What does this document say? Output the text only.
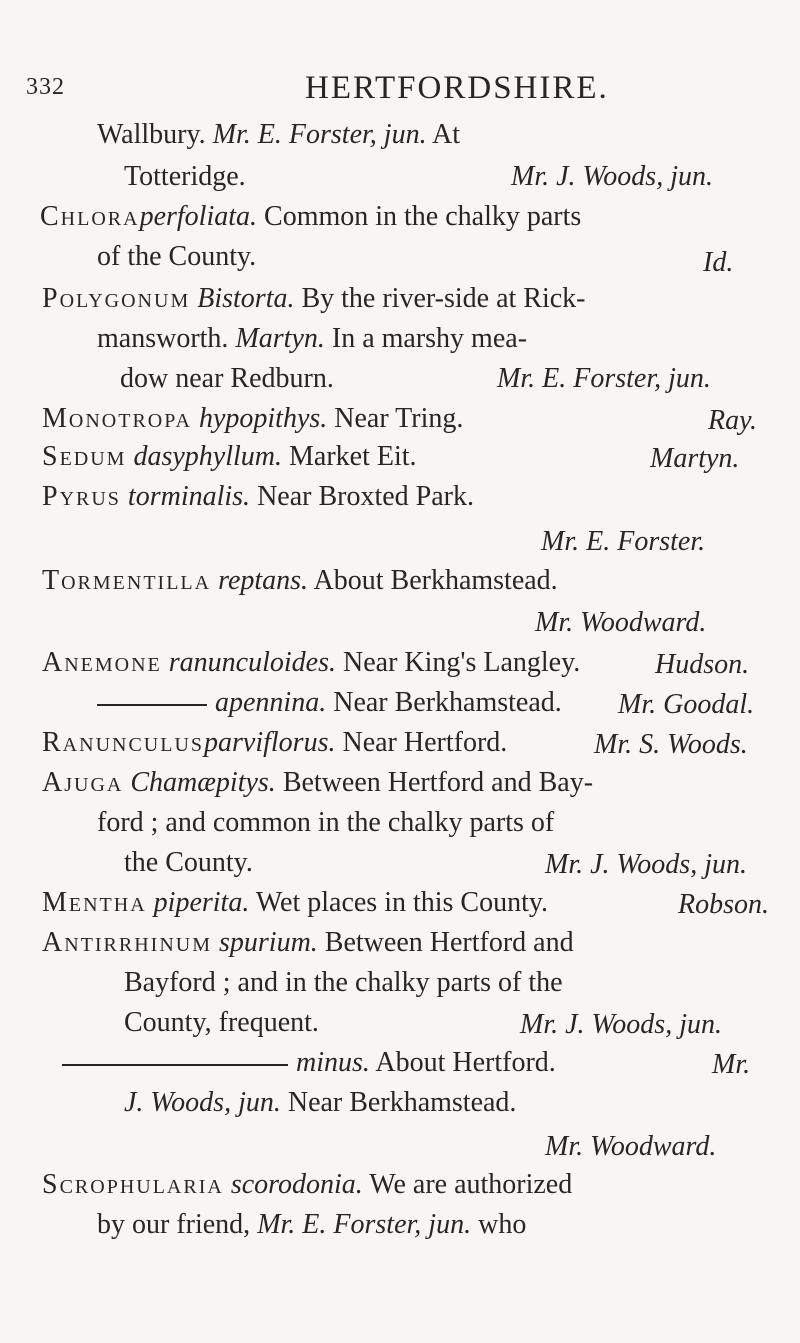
332	HERTFORDSHIRE.
Wallbury. Mr. E. Forster, jun. At
Totteridge.	Mr. J. Woods, jun.
Chloraperfoliata. Common in the chalky parts
of the County.	Id.
Polygonum Bistorta. By the river-side at Rick-
mansworth. Martyn. In a marshy mea-
dow near Redburn.	Mr. E. Forster, jun.
Monotropa hypopithys. Near Tring.	Ray.
Sedum dasyphyllum. Market Eit.	Martyn.
Pyrus torminalis. Near Broxted Park.
Mr. E. Forster.
Tormentilla reptans. About Berkhamstead.
Mr. Woodward.
Anemone ranunculoides. Near King's Langley.	Hudson.
apennina. Near Berkhamstead. Mr. Goodal.
Ranunculusparviflorus. Near Hertford.	Mr. S. Woods.
Ajuga Chamæpitys. Between Hertford and Bay-
ford ; and common in the chalky parts of
the County.	Mr. J. Woods, jun.
Mentha piperita. Wet places in this County.	Robson.
Antirrhinum spurium. Between Hertford and
Bayford ; and in the chalky parts of the
County, frequent.	Mr. J. Woods, jun.
minus. About Hertford.	Mr.
J. Woods, jun. Near Berkhamstead.
Mr. Woodward.
Scrophularia scorodonia. We are authorized
by our friend, Mr. E. Forster, jun. who
